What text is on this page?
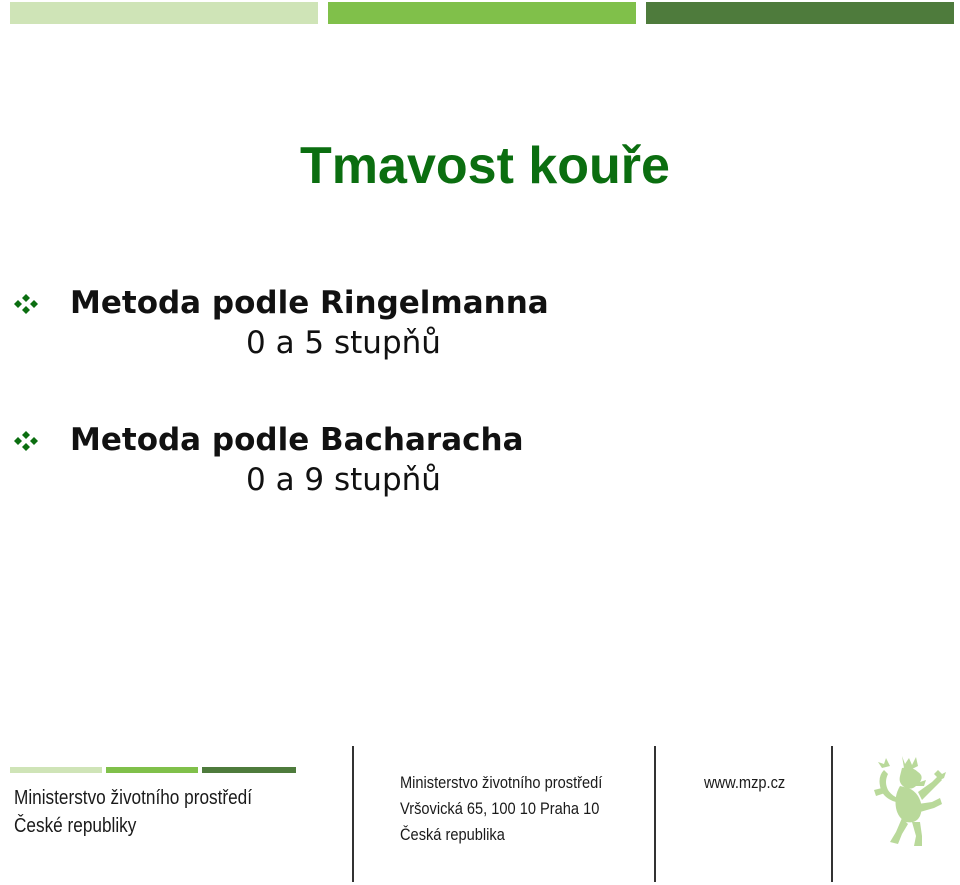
Tmavost kouře
Metoda podle Ringelmanna
0 a 5 stupňů
Metoda podle Bacharacha
0 a 9 stupňů
Ministerstvo životního prostředí
České republiky
Ministerstvo životního prostředí
Vršovická 65, 100 10 Praha 10
Česká republika
www.mzp.cz
